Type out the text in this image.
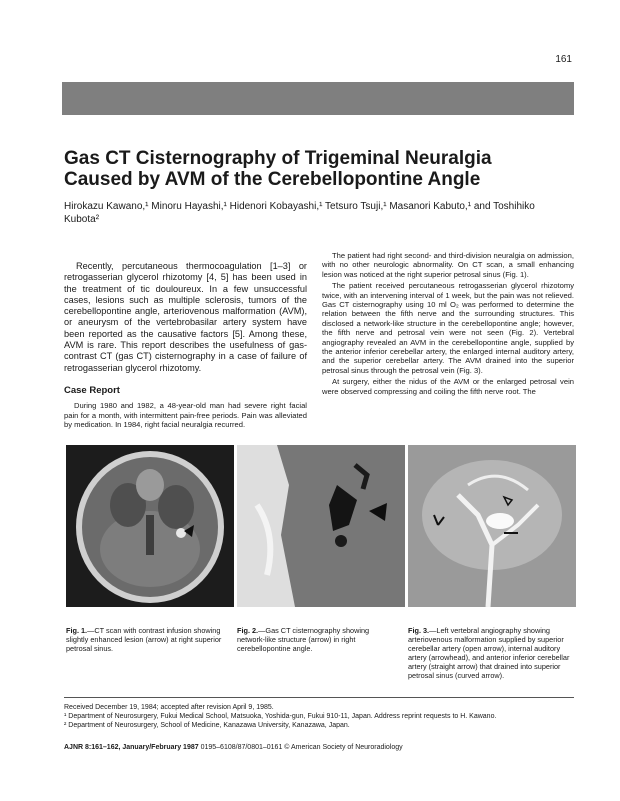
161
Gas CT Cisternography of Trigeminal Neuralgia Caused by AVM of the Cerebellopontine Angle
Hirokazu Kawano,¹ Minoru Hayashi,¹ Hidenori Kobayashi,¹ Tetsuro Tsuji,¹ Masanori Kabuto,¹ and Toshihiko Kubota²

Recently, percutaneous thermocoagulation [1–3] or retrogasserian glycerol rhizotomy [4, 5] has been used in the treatment of tic douloureux. In a few unsuccessful cases, lesions such as multiple sclerosis, tumors of the cerebellopontine angle, arteriovenous malformation (AVM), or aneurysm of the vertebrobasilar artery system have been reported as the causative factors [5]. Among these, AVM is rare. This report describes the usefulness of gas-contrast CT (gas CT) cisternography in a case of failure of retrogasserian glycerol rhizotomy.

Case Report

During 1980 and 1982, a 48-year-old man had severe right facial pain for a month, with intermittent pain-free periods. Pain was alleviated by medication. In 1984, right facial neuralgia recurred.

The patient had right second- and third-division neuralgia on admission, with no other neurologic abnormality. On CT scan, a small enhancing lesion was noticed at the right superior petrosal sinus (Fig. 1).

The patient received percutaneous retrogasserian glycerol rhizotomy twice, with an intervening interval of 1 week, but the pain was not relieved. Gas CT cisternography using 10 ml O₂ was performed to determine the relation between the fifth nerve and the surrounding structures. This disclosed a network-like structure in the cerebellopontine angle; however, the fifth nerve and petrosal vein were not seen (Fig. 2). Vertebral angiography revealed an AVM in the cerebellopontine angle, supplied by the anterior inferior cerebellar artery, the enlarged internal auditory artery, and the superior cerebellar artery. The AVM drained into the superior petrosal sinus through the petrosal vein (Fig. 3).

At surgery, either the nidus of the AVM or the enlarged petrosal vein were observed compressing and coiling the fifth nerve root. The

Fig. 1.—CT scan with contrast infusion showing slightly enhanced lesion (arrow) at right superior petrosal sinus.
Fig. 2.—Gas CT cisternography showing network-like structure (arrow) in right cerebellopontine angle.
Fig. 3.—Left vertebral angiography showing arteriovenous malformation supplied by superior cerebellar artery (open arrow), internal auditory artery (arrowhead), and anterior inferior cerebellar artery (straight arrow) that drained into superior petrosal sinus (curved arrow).
Received December 19, 1984; accepted after revision April 9, 1985.
¹ Department of Neurosurgery, Fukui Medical School, Matsuoka, Yoshida-gun, Fukui 910-11, Japan. Address reprint requests to H. Kawano.
² Department of Neurosurgery, School of Medicine, Kanazawa University, Kanazawa, Japan.
AJNR 8:161–162, January/February 1987 0195–6108/87/0801–0161 © American Society of Neuroradiology
